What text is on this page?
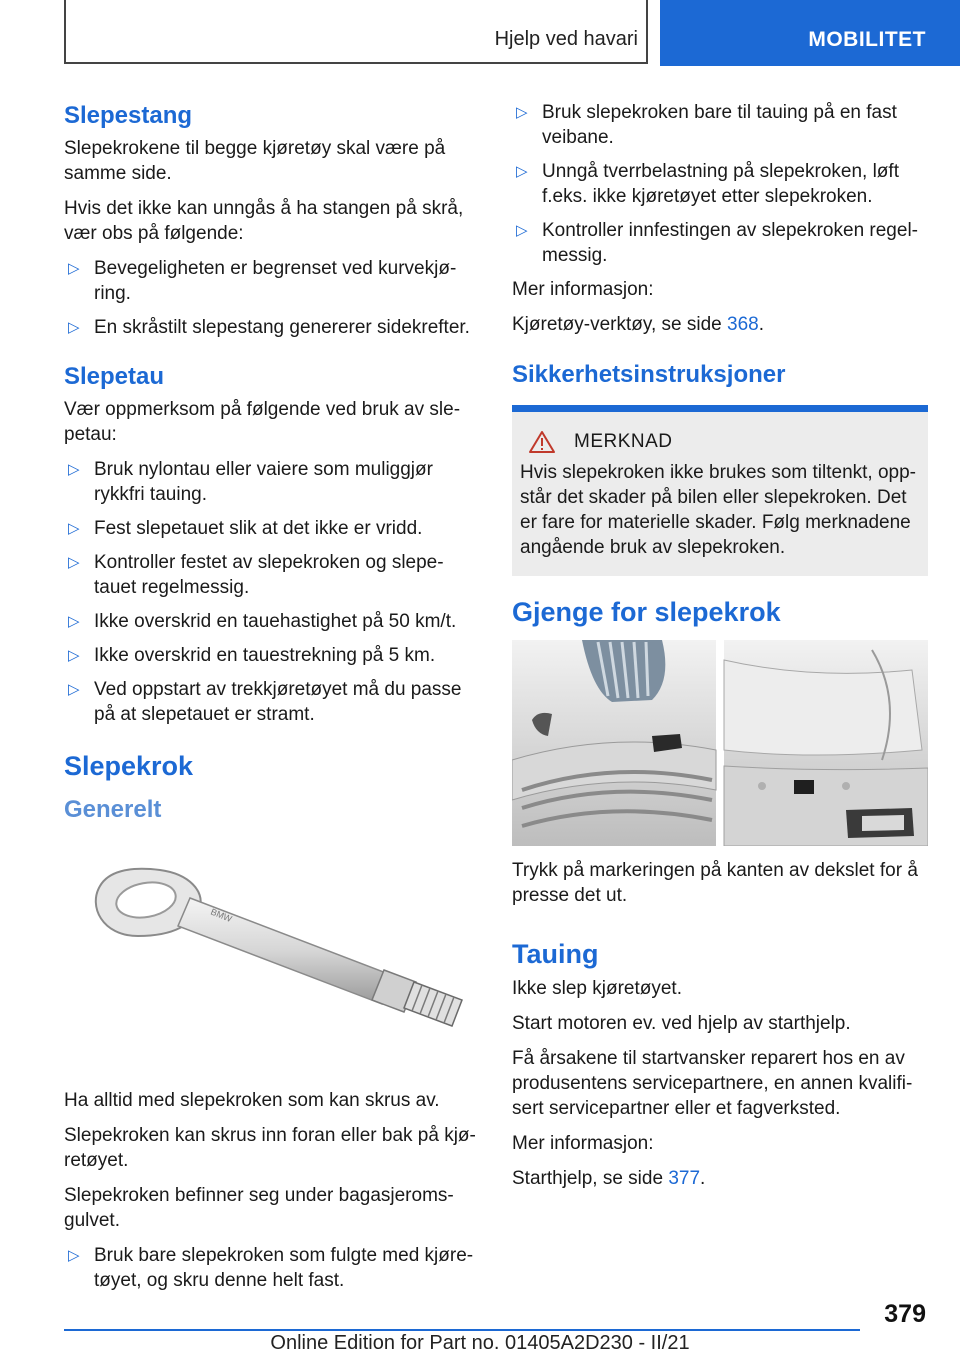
Hjelp ved havari	MOBILITET
Slepestang

Slepekrokene til begge kjøretøy skal være på samme side.

Hvis det ikke kan unngås å ha stangen på skrå, vær obs på følgende:

▷ Bevegeligheten er begrenset ved kurvekjøring.
▷ En skråstilt slepestang genererer sidekrefter.
Slepetau

Vær oppmerksom på følgende ved bruk av slepetau:

▷ Bruk nylontau eller vaiere som muliggjør rykkfri tauing.
▷ Fest slepetauet slik at det ikke er vridd.
▷ Kontroller festet av slepekroken og slepetauet regelmessig.
▷ Ikke overskrid en tauehastighet på 50 km/t.
▷ Ikke overskrid en tauestrekning på 5 km.
▷ Ved oppstart av trekkjøretøyet må du passe på at slepetauet er stramt.
Slepekrok
Generelt
BMW

Ha alltid med slepekroken som kan skrus av.

Slepekroken kan skrus inn foran eller bak på kjøretøyet.

Slepekroken befinner seg under bagasjeromsgulvet.

▷ Bruk bare slepekroken som fulgte med kjøretøyet, og skru denne helt fast.
▷ Bruk slepekroken bare til tauing på en fast veibane.
▷ Unngå tverrbelastning på slepekroken, løft f.eks. ikke kjøretøyet etter slepekroken.
▷ Kontroller innfestingen av slepekroken regelmessig.

Mer informasjon:

Kjøretøy-verktøy, se side 368.

Sikkerhetsinstruksjoner
MERKNAD

Hvis slepekroken ikke brukes som tiltenkt, oppstår det skader på bilen eller slepekroken. Det er fare for materielle skader. Følg merknadene angående bruk av slepekroken.

Gjenge for slepekrok

Trykk på markeringen på kanten av dekslet for å presse det ut.

Tauing

Ikke slep kjøretøyet.

Start motoren ev. ved hjelp av starthjelp.

Få årsakene til startvansker reparert hos en av produsentens servicepartnere, en annen kvalifisert servicepartner eller et fagverksted.

Mer informasjon:

Starthjelp, se side 377.

379
Online Edition for Part no. 01405A2D230 - II/21
